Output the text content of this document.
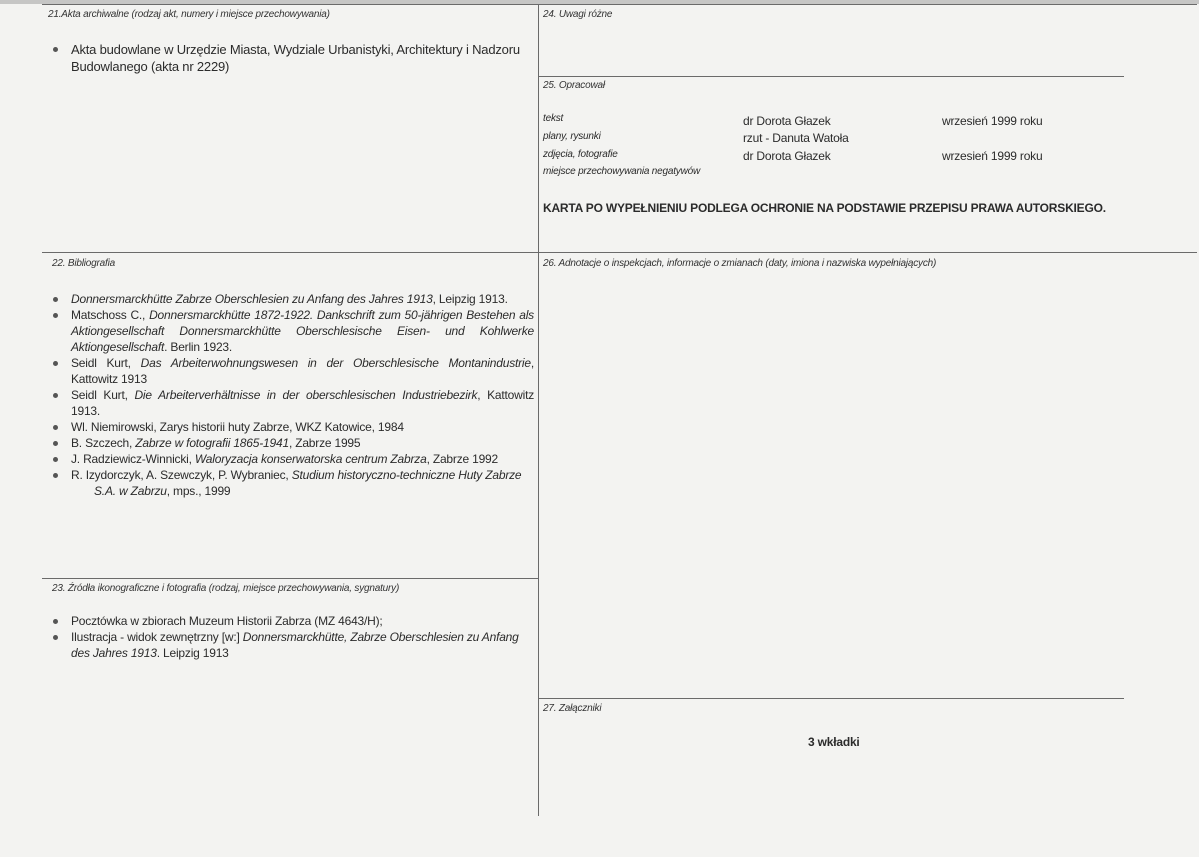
21.Akta archiwalne (rodzaj akt, numery i miejsce przechowywania)
Akta budowlane w Urzędzie Miasta, Wydziale Urbanistyki, Architektury i Nadzoru
Budowlanego (akta nr 2229)
24. Uwagi różne
25. Opracował
tekst	dr Dorota Głazek	wrzesień 1999 roku
plany, rysunki	rzut - Danuta Watoła
zdjęcia, fotografie	dr Dorota Głazek	wrzesień 1999 roku
miejsce przechowywania negatywów
KARTA PO WYPEŁNIENIU PODLEGA OCHRONIE NA PODSTAWIE PRZEPISU PRAWA AUTORSKIEGO.
22. Bibliografia
Donnersmarckhütte Zabrze Oberschlesien zu Anfang des Jahres 1913, Leipzig 1913.
Matschoss C., Donnersmarckhütte 1872-1922. Dankschrift zum 50-jährigen Bestehen als Aktiongesellschaft Donnersmarckhütte Oberschlesische Eisen- und Kohlwerke Aktiongesellschaft. Berlin 1923.
Seidl Kurt, Das Arbeiterwohnungswesen in der Oberschlesische Montanindustrie, Kattowitz 1913
Seidl Kurt, Die Arbeiterverhältnisse in der oberschlesischen Industriebezirk, Kattowitz 1913.
Wl. Niemirowski, Zarys historii huty Zabrze, WKZ Katowice, 1984
B. Szczech, Zabrze w fotografii 1865-1941, Zabrze 1995
J. Radziewicz-Winnicki, Waloryzacja konserwatorska centrum Zabrza, Zabrze 1992
R. Izydorczyk, A. Szewczyk, P. Wybraniec, Studium historyczno-techniczne Huty Zabrze
S.A. w Zabrzu, mps., 1999
26. Adnotacje o inspekcjach, informacje o zmianach (daty, imiona i nazwiska wypełniających)
23. Źródła ikonograficzne i fotografia (rodzaj, miejsce przechowywania, sygnatury)
Pocztówka w zbiorach Muzeum Historii Zabrza (MZ 4643/H);
Ilustracja - widok zewnętrzny [w:] Donnersmarckhütte, Zabrze Oberschlesien zu Anfang
des Jahres 1913. Leipzig 1913
27. Załączniki
3 wkładki
